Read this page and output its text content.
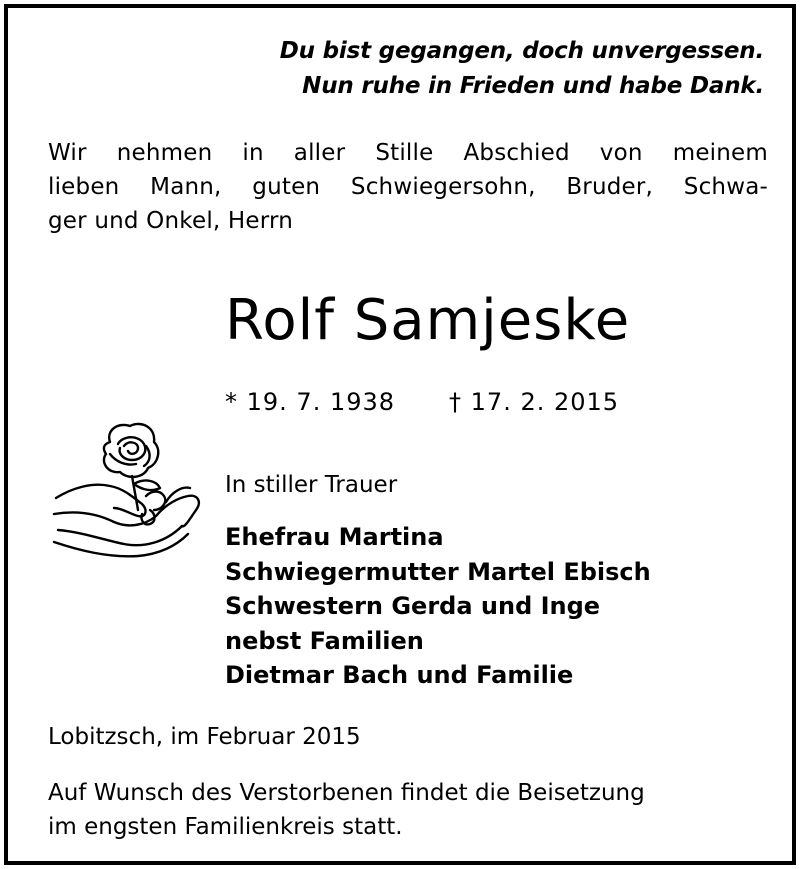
Du bist gegangen, doch unvergessen.
Nun ruhe in Frieden und habe Dank.
Wir nehmen in aller Stille Abschied von meinem
lieben Mann, guten Schwiegersohn, Bruder, Schwa-
ger und Onkel, Herrn
Rolf Samjeske
* 19. 7. 1938 † 17. 2. 2015
In stiller Trauer
Ehefrau Martina
Schwiegermutter Martel Ebisch
Schwestern Gerda und Inge
nebst Familien
Dietmar Bach und Familie
Lobitzsch, im Februar 2015
Auf Wunsch des Verstorbenen findet die Beisetzung
im engsten Familienkreis statt.
